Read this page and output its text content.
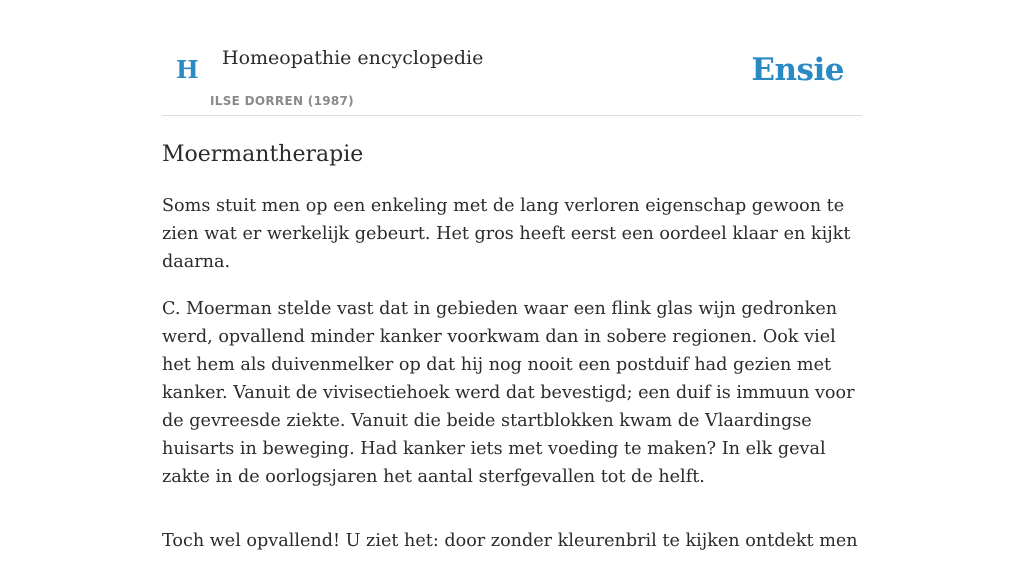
H Homeopathie encyclopedie
ILSE DORREN (1987)
Ensie
Moermantherapie

Soms stuit men op een enkeling met de lang verloren eigenschap gewoon te zien wat er werkelijk gebeurt. Het gros heeft eerst een oordeel klaar en kijkt daarna.

C. Moerman stelde vast dat in gebieden waar een flink glas wijn gedronken werd, opvallend minder kanker voorkwam dan in sobere regionen. Ook viel het hem als duivenmelker op dat hij nog nooit een postduif had gezien met kanker. Vanuit de vivisectiehoek werd dat bevestigd; een duif is immuun voor de gevreesde ziekte. Vanuit die beide startblokken kwam de Vlaardingse huisarts in beweging. Had kanker iets met voeding te maken? In elk geval zakte in de oorlogsjaren het aantal sterfgevallen tot de helft.

Toch wel opvallend! U ziet het: door zonder kleurenbril te kijken ontdekt men
